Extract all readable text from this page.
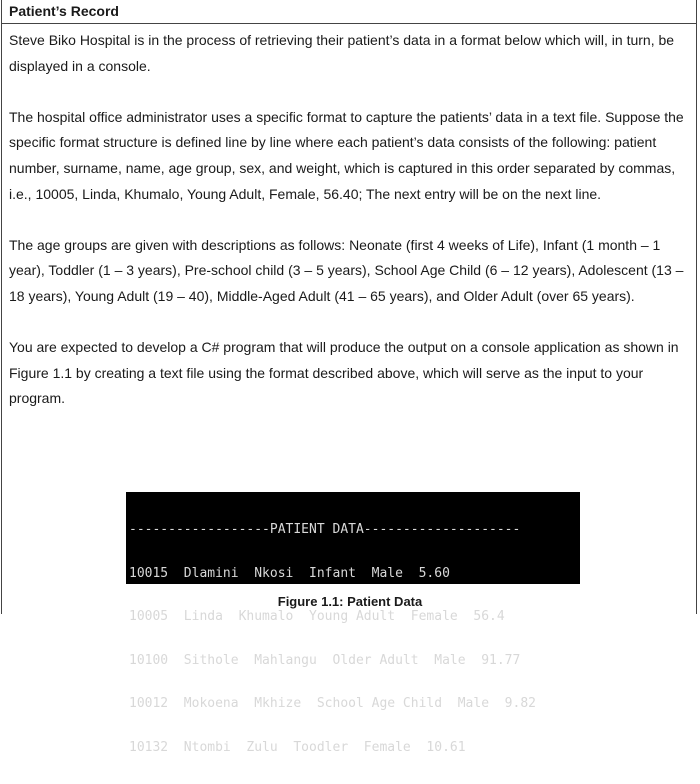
Patient’s Record

Steve Biko Hospital is in the process of retrieving their patient’s data in a format below which will, in turn, be displayed in a console.

The hospital office administrator uses a specific format to capture the patients’ data in a text file. Suppose the specific format structure is defined line by line where each patient’s data consists of the following: patient number, surname, name, age group, sex, and weight, which is captured in this order separated by commas, i.e., 10005, Linda, Khumalo, Young Adult, Female, 56.40; The next entry will be on the next line.

The age groups are given with descriptions as follows: Neonate (first 4 weeks of Life), Infant (1 month – 1 year), Toddler (1 – 3 years), Pre-school child (3 – 5 years), School Age Child (6 – 12 years), Adolescent (13 – 18 years), Young Adult (19 – 40), Middle-Aged Adult (41 – 65 years), and Older Adult (over 65 years).

You are expected to develop a C# program that will produce the output on a console application as shown in Figure 1.1 by creating a text file using the format described above, which will serve as the input to your program.

------------------PATIENT DATA--------------------

10015  Dlamini  Nkosi  Infant  Male  5.60

10005  Linda  Khumalo  Young Adult  Female  56.4

10100  Sithole  Mahlangu  Older Adult  Male  91.77

10012  Mokoena  Mkhize  School Age Child  Male  9.82

10132  Ntombi  Zulu  Toodler  Female  10.61

Figure 1.1: Patient Data
